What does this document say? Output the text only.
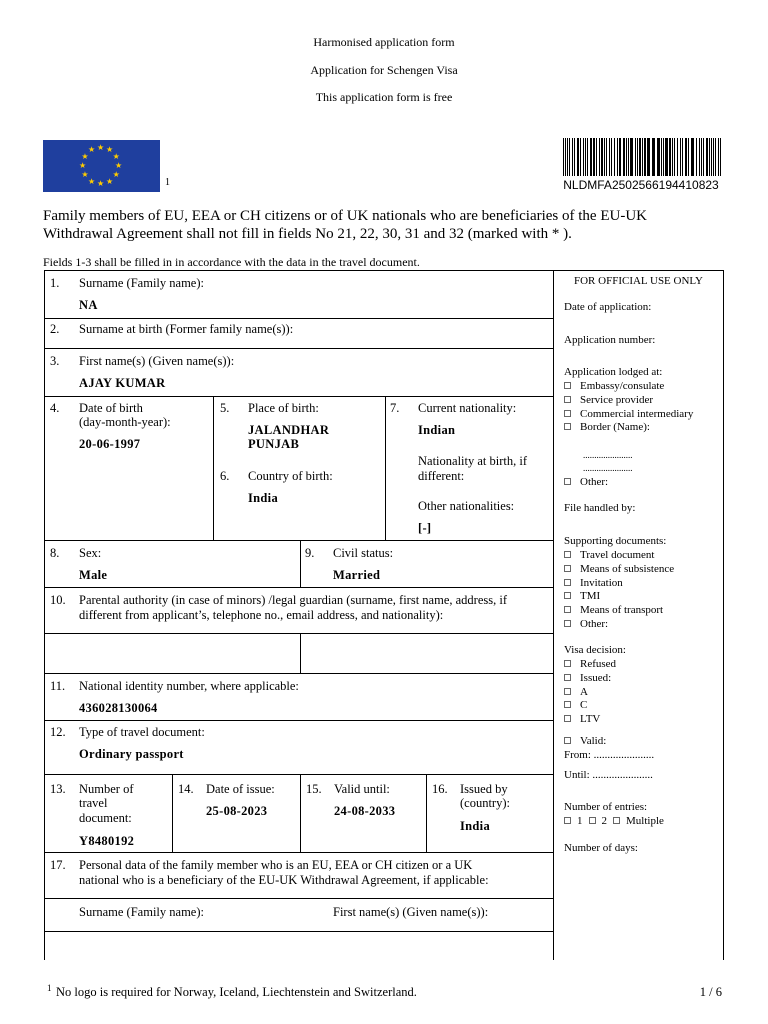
Harmonised application form
Application for Schengen Visa
This application form is free
★ ★
★
★
★
★
★
★
★
★
★
★
1	NLDMFA2502566194410823
Family members of EU, EEA or CH citizens or of UK nationals who are beneficiaries of the EU-UK Withdrawal Agreement shall not fill in fields No 21, 22, 30, 31 and 32 (marked with * ).
Fields 1-3 shall be filled in in accordance with the data in the travel document.
1. Surname (Family name):
NA
2. Surname at birth (Former family name(s)):
3. First name(s) (Given name(s)):
AJAY KUMAR
4. Date of birth
(day-month-year):
20-06-1997
5. Place of birth:
JALANDHAR
PUNJAB
6. Country of birth:
India
7. Current nationality:
Indian
Nationality at birth, if
different:
Other nationalities:
[-]
8. Sex:
Male
9. Civil status:
Married
10. Parental authority (in case of minors) /legal guardian (surname, first name, address, if
different from applicant’s, telephone no., email address, and nationality):
11. National identity number, where applicable:
436028130064
12. Type of travel document:
Ordinary passport
13. Number of
travel
document:
Y8480192
14. Date of issue:
25-08-2023
15. Valid until:
24-08-2033
16. Issued by
(country):
India
17. Personal data of the family member who is an EU, EEA or CH citizen or a UK
national who is a beneficiary of the EU-UK Withdrawal Agreement, if applicable:
Surname (Family name):	First name(s) (Given name(s)):
FOR OFFICIAL USE ONLY
Date of application:
Application number:
Application lodged at:
Embassy/consulate
Service provider
Commercial intermediary
Border (Name):
......................
......................
Other:
File handled by:
Supporting documents:
Travel document
Means of subsistence
Invitation
TMI
Means of transport
Other:
Visa decision:
Refused
Issued:
A
C
LTV
Valid:
From: ......................
Until: ......................
Number of entries:
1 2 Multiple
Number of days:
1 No logo is required for Norway, Iceland, Liechtenstein and Switzerland.	1 / 6
